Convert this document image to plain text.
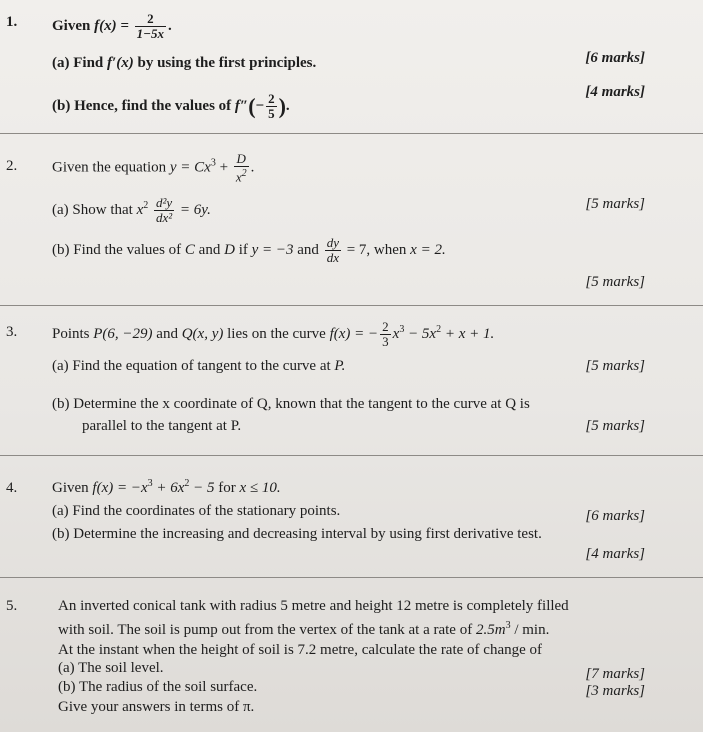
1. Given $f(x) = \frac{2}{1-5x}$ .
(a) Find f′(x) by using the first principles.	[6 marks]
(b) Hence, find the values of $f''(- \frac{2}{5}$ ).
[4 marks]
2. Given the equation $y = Cx^3 + \frac{D}{x^2}$ .
(a) Show that $x^2 \frac{\text{d²y}}{\text{dx²}} = 6y$.	[5 marks]
(b) Find the values of C and D if y = −3 and $\frac{dy}{dx} = 7$, when x = 2.
[5 marks]
3. Points P(6, −29) and Q(x, y) lies on the curve f(x) = − $\frac{2}{3} x^3 - 5x^2 + x + 1$.
(a) Find the equation of tangent to the curve at P.	[5 marks]
(b) Determine the x coordinate of Q, known that the tangent to the curve at Q is
parallel to the tangent at P.	[5 marks]
4. Given $f(x) = -x^3 + 6x^2 - 5$ for x ≤ 10.
(a) Find the coordinates of the stationary points.	[6 marks]
(b) Determine the increasing and decreasing interval by using first derivative test.
[4 marks]
5.	An inverted conical tank with radius 5 metre and height 12 metre is completely filled
with soil. The soil is pump out from the vertex of the tank at a rate of $2.5m^3$ / min.
At the instant when the height of soil is 7.2 metre, calculate the rate of change of
(a) The soil level.	[7 marks]
(b) The radius of the soil surface.	[3 marks]
Give your answers in terms of π.
